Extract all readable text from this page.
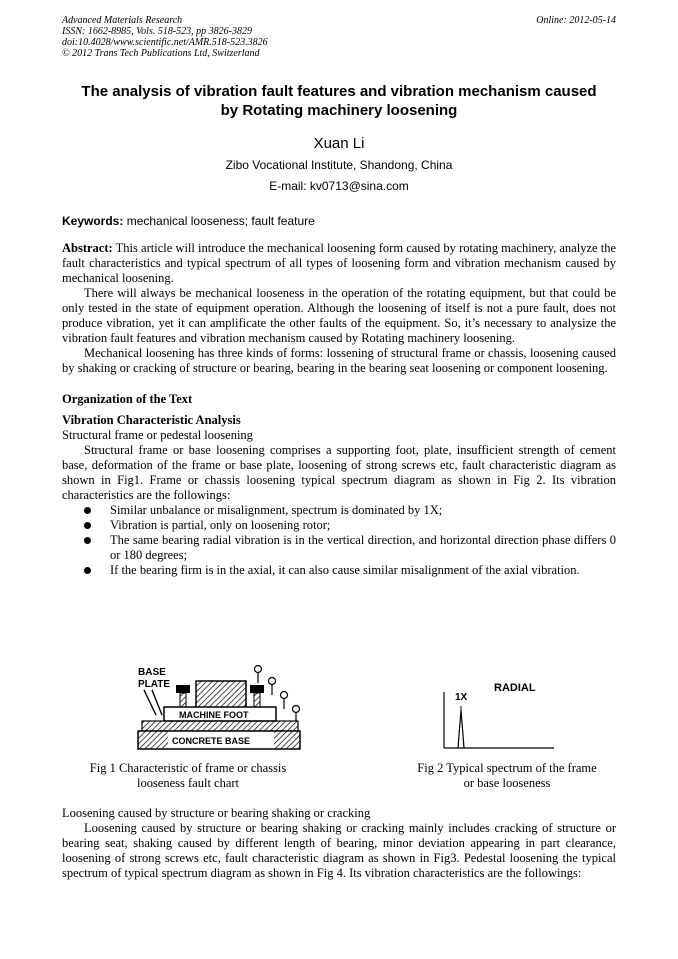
Advanced Materials Research
ISSN: 1662-8985, Vols. 518-523, pp 3826-3829
doi:10.4028/www.scientific.net/AMR.518-523.3826
© 2012 Trans Tech Publications Ltd, Switzerland
Online: 2012-05-14
The analysis of vibration fault features and vibration mechanism caused
by Rotating machinery loosening
Xuan Li
Zibo Vocational Institute, Shandong, China
E-mail: kv0713@sina.com
Keywords: mechanical looseness; fault feature

Abstract: This article will introduce the mechanical loosening form caused by rotating machinery, analyze the fault characteristics and typical spectrum of all types of loosening form and vibration mechanism caused by mechanical loosening.

There will always be mechanical looseness in the operation of the rotating equipment, but that could be only tested in the state of equipment operation. Although the loosening of itself is not a pure fault, does not produce vibration, yet it can amplificate the other faults of the equipment. So, it’s necessary to analysize the vibration fault features and vibration mechanism caused by Rotating machinery loosening.

Mechanical loosening has three kinds of forms: lossening of structural frame or chassis, loosening caused by shaking or cracking of structure or bearing, bearing in the bearing seat loosening or component loosening.

Organization of the Text

Vibration Characteristic Analysis

Structural frame or pedestal loosening

Structural frame or base loosening comprises a supporting foot, plate, insufficient strength of cement base, deformation of the frame or base plate, loosening of strong screws etc, fault characteristic diagram as shown in Fig1. Frame or chassis loosening typical spectrum diagram as shown in Fig 2. Its vibration characteristics are the followings:

Similar unbalance or misalignment, spectrum is dominated by 1X;
Vibration is partial, only on loosening rotor;
The same bearing radial vibration is in the vertical direction, and horizontal direction phase differs 0 or 180 degrees;
If the bearing firm is in the axial, it can also cause similar misalignment of the axial vibration.
BASE
PLATE
MACHINE FOOT
CONCRETE BASE
1X
RADIAL
Fig 1 Characteristic of frame or chassis
looseness fault chart
Fig 2 Typical spectrum of the frame
or base looseness

Loosening caused by structure or bearing shaking or cracking

Loosening caused by structure or bearing shaking or cracking mainly includes cracking of structure or bearing seat, shaking caused by different length of bearing, minor deviation appearing in part clearance, loosening of strong screws etc, fault characteristic diagram as shown in Fig3. Pedestal loosening the typical spectrum of typical spectrum diagram as shown in Fig 4. Its vibration characteristics are the followings:
